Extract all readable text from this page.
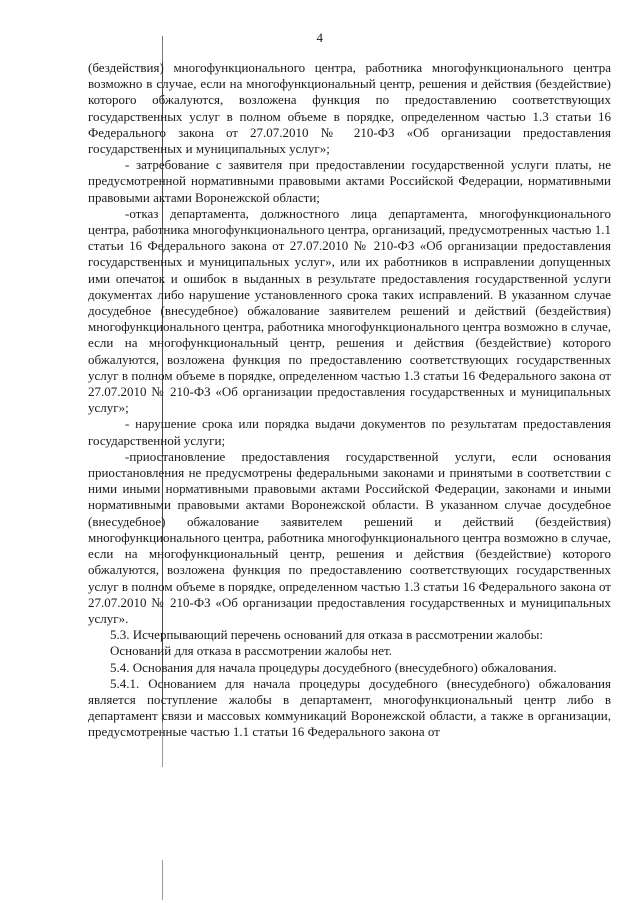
4

(бездействия) многофункционального центра, работника многофункционального центра возможно в случае, если на многофункциональный центр, решения и действия (бездействие) которого обжалуются, возложена функция по предоставлению соответствующих государственных услуг в полном объеме в порядке, определенном частью 1.3 статьи 16 Федерального закона от 27.07.2010 № 210-ФЗ «Об организации предоставления государственных и муниципальных услуг»;

- затребование с заявителя при предоставлении государственной услуги платы, не предусмотренной нормативными правовыми актами Российской Федерации, нормативными правовыми актами Воронежской области;

-отказ департамента, должностного лица департамента, многофункционального центра, работника многофункционального центра, организаций, предусмотренных частью 1.1 статьи 16 Федерального закона от 27.07.2010 № 210-ФЗ «Об организации предоставления государственных и муниципальных услуг», или их работников в исправлении допущенных ими опечаток и ошибок в выданных в результате предоставления государственной услуги документах либо нарушение установленного срока таких исправлений. В указанном случае досудебное (внесудебное) обжалование заявителем решений и действий (бездействия) многофункционального центра, работника многофункционального центра возможно в случае, если на многофункциональный центр, решения и действия (бездействие) которого обжалуются, возложена функция по предоставлению соответствующих государственных услуг в полном объеме в порядке, определенном частью 1.3 статьи 16 Федерального закона от 27.07.2010 № 210-ФЗ «Об организации предоставления государственных и муниципальных услуг»;

- нарушение срока или порядка выдачи документов по результатам предоставления государственной услуги;

-приостановление предоставления государственной услуги, если основания приостановления не предусмотрены федеральными законами и принятыми в соответствии с ними иными нормативными правовыми актами Российской Федерации, законами и иными нормативными правовыми актами Воронежской области. В указанном случае досудебное (внесудебное) обжалование заявителем решений и действий (бездействия) многофункционального центра, работника многофункционального центра возможно в случае, если на многофункциональный центр, решения и действия (бездействие) которого обжалуются, возложена функция по предоставлению соответствующих государственных услуг в полном объеме в порядке, определенном частью 1.3 статьи 16 Федерального закона от 27.07.2010 № 210-ФЗ «Об организации предоставления государственных и муниципальных услуг».

5.3. Исчерпывающий перечень оснований для отказа в рассмотрении жалобы:

Оснований для отказа в рассмотрении жалобы нет.

5.4. Основания для начала процедуры досудебного (внесудебного) обжалования.

5.4.1. Основанием для начала процедуры досудебного (внесудебного) обжалования является поступление жалобы в департамент, многофункциональный центр либо в департамент связи и массовых коммуникаций Воронежской области, а также в организации, предусмотренные частью 1.1 статьи 16 Федерального закона от
